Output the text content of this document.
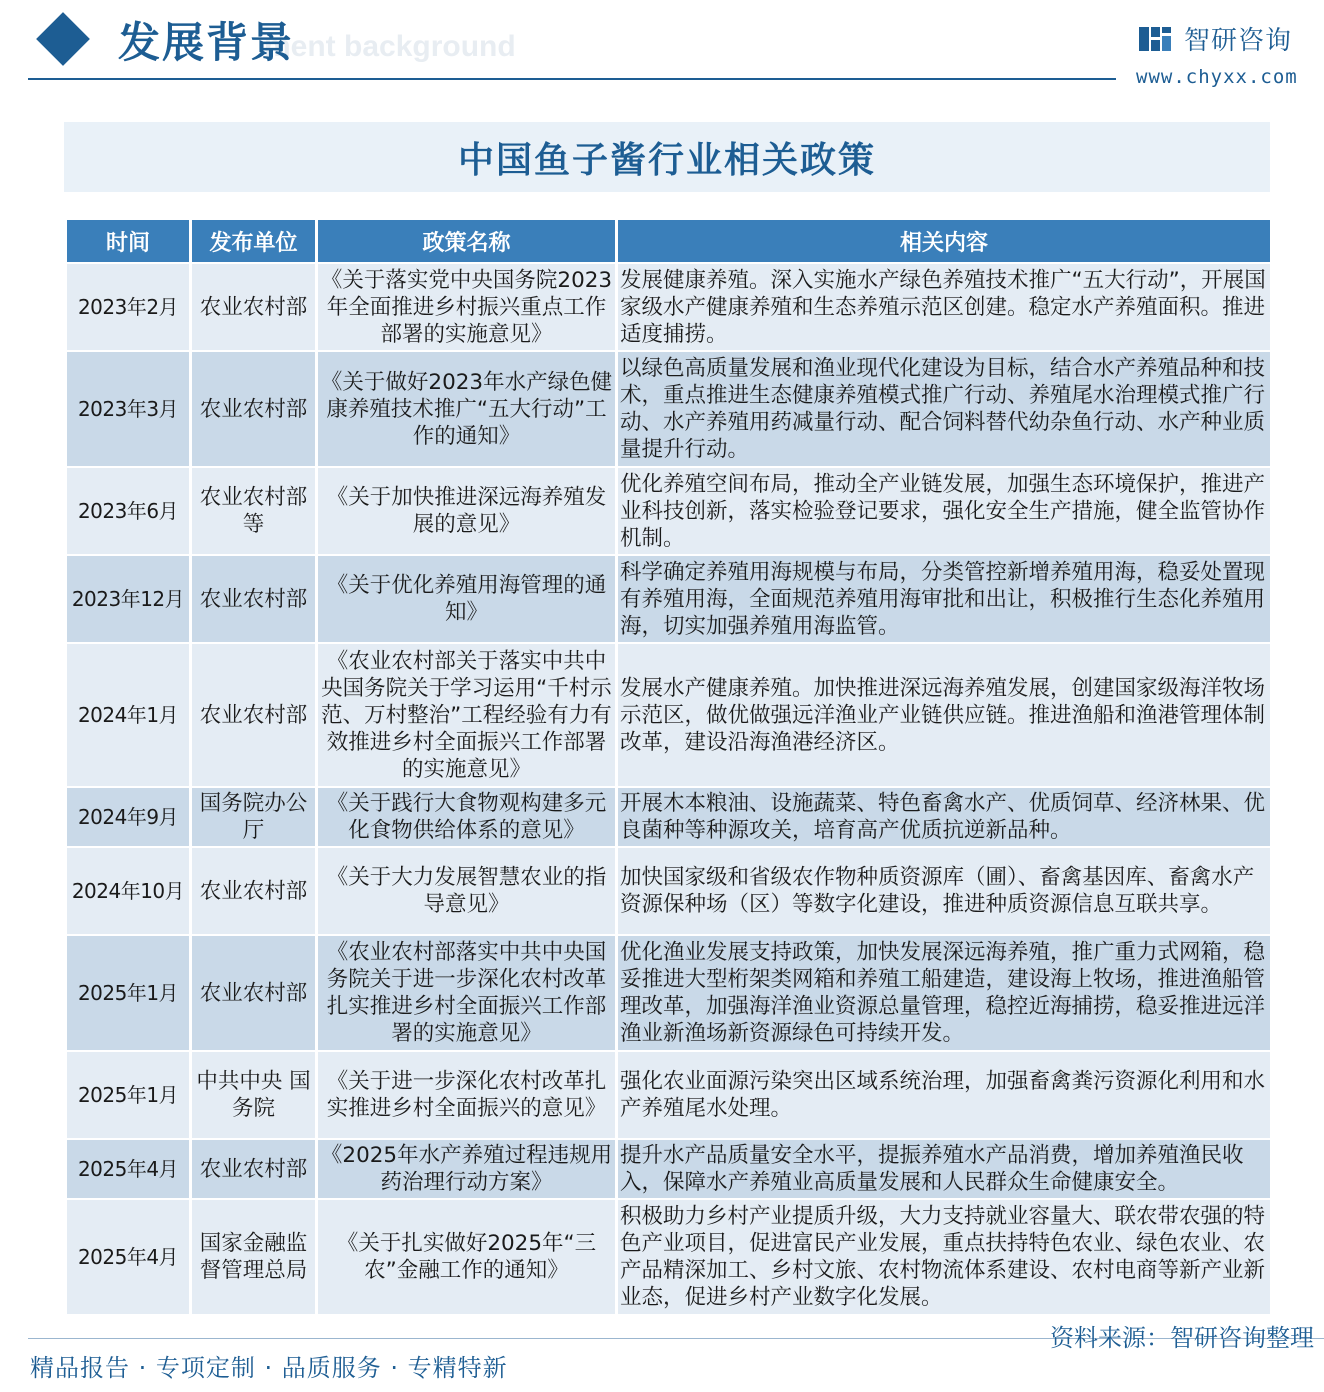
ment background
发展背景	智研咨询
www.chyxx.com
中国鱼子酱行业相关政策
时间	发布单位	政策名称	相关内容
2023年2月	农业农村部	《关于落实党中央国务院2023年全面推进乡村振兴重点工作部署的实施意见》	发展健康养殖。深入实施水产绿色养殖技术推广“五大行动”，开展国家级水产健康养殖和生态养殖示范区创建。稳定水产养殖面积。推进适度捕捞。
2023年3月	农业农村部	《关于做好2023年水产绿色健康养殖技术推广“五大行动”工作的通知》	以绿色高质量发展和渔业现代化建设为目标，结合水产养殖品种和技术，重点推进生态健康养殖模式推广行动、养殖尾水治理模式推广行动、水产养殖用药减量行动、配合饲料替代幼杂鱼行动、水产种业质量提升行动。
2023年6月	农业农村部等	《关于加快推进深远海养殖发展的意见》	优化养殖空间布局，推动全产业链发展，加强生态环境保护，推进产业科技创新，落实检验登记要求，强化安全生产措施，健全监管协作机制。
2023年12月	农业农村部	《关于优化养殖用海管理的通知》	科学确定养殖用海规模与布局，分类管控新增养殖用海，稳妥处置现有养殖用海，全面规范养殖用海审批和出让，积极推行生态化养殖用海，切实加强养殖用海监管。
2024年1月	农业农村部	《农业农村部关于落实中共中央国务院关于学习运用“千村示范、万村整治”工程经验有力有效推进乡村全面振兴工作部署的实施意见》	发展水产健康养殖。加快推进深远海养殖发展，创建国家级海洋牧场示范区，做优做强远洋渔业产业链供应链。推进渔船和渔港管理体制改革，建设沿海渔港经济区。
2024年9月	国务院办公厅	《关于践行大食物观构建多元化食物供给体系的意见》	开展木本粮油、设施蔬菜、特色畜禽水产、优质饲草、经济林果、优良菌种等种源攻关，培育高产优质抗逆新品种。
2024年10月	农业农村部	《关于大力发展智慧农业的指导意见》	加快国家级和省级农作物种质资源库（圃）、畜禽基因库、畜禽水产资源保种场（区）等数字化建设，推进种质资源信息互联共享。
2025年1月	农业农村部	《农业农村部落实中共中央国务院关于进一步深化农村改革扎实推进乡村全面振兴工作部署的实施意见》	优化渔业发展支持政策，加快发展深远海养殖，推广重力式网箱，稳妥推进大型桁架类网箱和养殖工船建造，建设海上牧场，推进渔船管理改革，加强海洋渔业资源总量管理，稳控近海捕捞，稳妥推进远洋渔业新渔场新资源绿色可持续开发。
2025年1月	中共中央 国务院	《关于进一步深化农村改革扎实推进乡村全面振兴的意见》	强化农业面源污染突出区域系统治理，加强畜禽粪污资源化利用和水产养殖尾水处理。
2025年4月	农业农村部	《2025年水产养殖过程违规用药治理行动方案》	提升水产品质量安全水平，提振养殖水产品消费，增加养殖渔民收入，保障水产养殖业高质量发展和人民群众生命健康安全。
2025年4月	国家金融监督管理总局	《关于扎实做好2025年“三农”金融工作的通知》	积极助力乡村产业提质升级，大力支持就业容量大、联农带农强的特色产业项目，促进富民产业发展，重点扶持特色农业、绿色农业、农产品精深加工、乡村文旅、农村物流体系建设、农村电商等新产业新业态，促进乡村产业数字化发展。
精品报告 · 专项定制 · 品质服务 · 专精特新
资料来源：智研咨询整理
